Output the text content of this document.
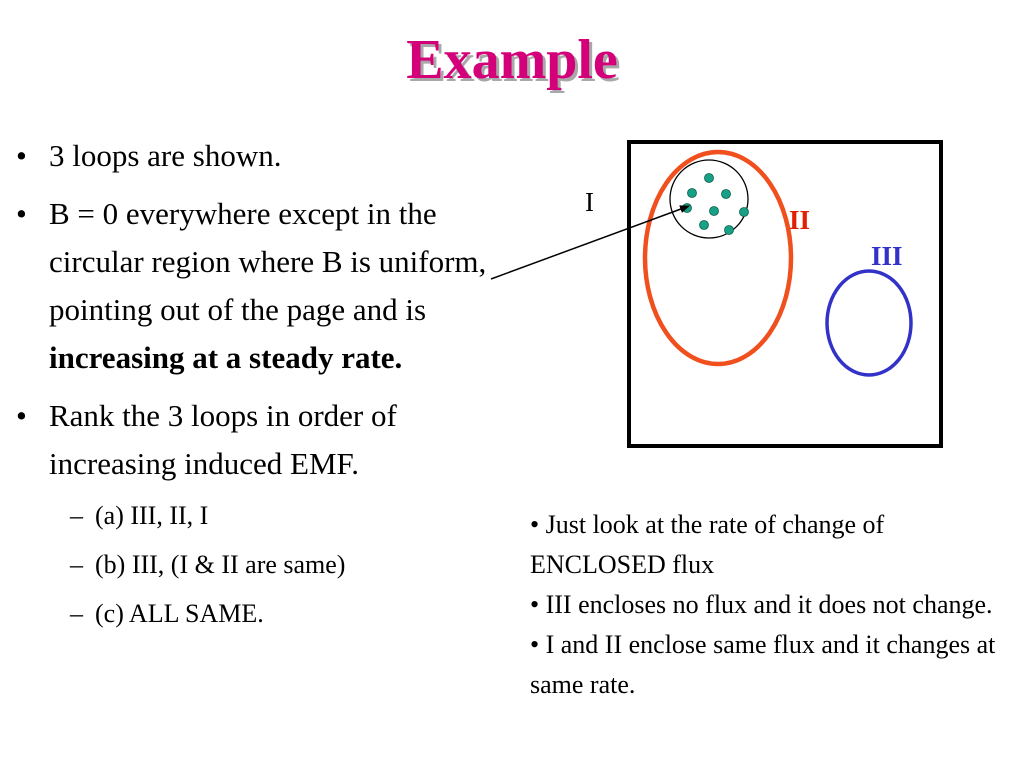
Example
• 3 loops are shown.
• B = 0 everywhere except in the circular region where B is uniform, pointing out of the page and is increasing at a steady rate.
• Rank the 3 loops in order of increasing induced EMF.
– (a) III, II, I
– (b) III, (I & II are same)
– (c) ALL SAME.
I
II
III

• Just look at the rate of change of ENCLOSED flux

• III encloses no flux and it does not change.

• I and II enclose same flux and it changes at same rate.
